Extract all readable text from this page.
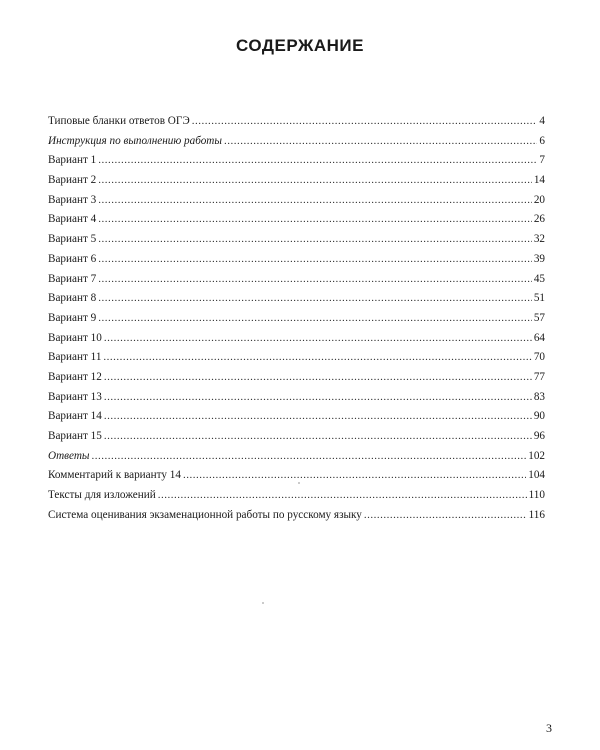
СОДЕРЖАНИЕ
Типовые бланки ответов ОГЭ .....	4
Инструкция по выполнению работы .....	6
Вариант 1 .....	7
Вариант 2 .....	14
Вариант 3 .....	20
Вариант 4 .....	26
Вариант 5 .....	32
Вариант 6 .....	39
Вариант 7 .....	45
Вариант 8 .....	51
Вариант 9 .....	57
Вариант 10 .....	64
Вариант 11 .....	70
Вариант 12 .....	77
Вариант 13 .....	83
Вариант 14 .....	90
Вариант 15 .....	96
Ответы .....	102
Комментарий к варианту 14 .....	104
Тексты для изложений .....	110
Система оценивания экзаменационной работы по русскому языку .....	116
3
